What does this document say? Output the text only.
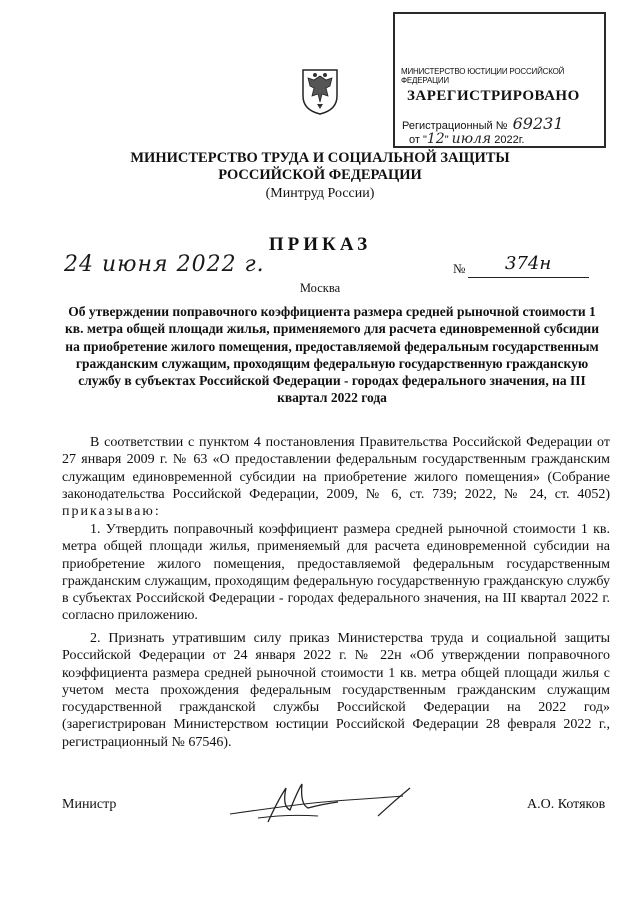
МИНИСТЕРСТВО ЮСТИЦИИ РОССИЙСКОЙ ФЕДЕРАЦИИ
ЗАРЕГИСТРИРОВАНО
Регистрационный № 69231
от "12" июля 2022г.
МИНИСТЕРСТВО ТРУДА И СОЦИАЛЬНОЙ ЗАЩИТЫ
РОССИЙСКОЙ ФЕДЕРАЦИИ
(Минтруд России)
ПРИКАЗ
24 июня 2022 г.
Москва
№ 374н
Об утверждении поправочного коэффициента размера средней рыночной стоимости 1 кв. метра общей площади жилья, применяемого для расчета единовременной субсидии на приобретение жилого помещения, предоставляемой федеральным государственным гражданским служащим, проходящим федеральную государственную гражданскую службу в субъектах Российской Федерации - городах федерального значения, на III квартал 2022 года
В соответствии с пунктом 4 постановления Правительства Российской Федерации от 27 января 2009 г. № 63 «О предоставлении федеральным государственным гражданским служащим единовременной субсидии на приобретение жилого помещения» (Собрание законодательства Российской Федерации, 2009, № 6, ст. 739; 2022, № 24, ст. 4052) приказываю:
1. Утвердить поправочный коэффициент размера средней рыночной стоимости 1 кв. метра общей площади жилья, применяемый для расчета единовременной субсидии на приобретение жилого помещения, предоставляемой федеральным государственным гражданским служащим, проходящим федеральную государственную гражданскую службу в субъектах Российской Федерации - городах федерального значения, на III квартал 2022 г. согласно приложению.
2. Признать утратившим силу приказ Министерства труда и социальной защиты Российской Федерации от 24 января 2022 г. № 22н «Об утверждении поправочного коэффициента размера средней рыночной стоимости 1 кв. метра общей площади жилья с учетом места прохождения федеральным государственным гражданским служащим государственной гражданской службы Российской Федерации на 2022 год» (зарегистрирован Министерством юстиции Российской Федерации 28 февраля 2022 г., регистрационный № 67546).
Министр	А.О. Котяков
